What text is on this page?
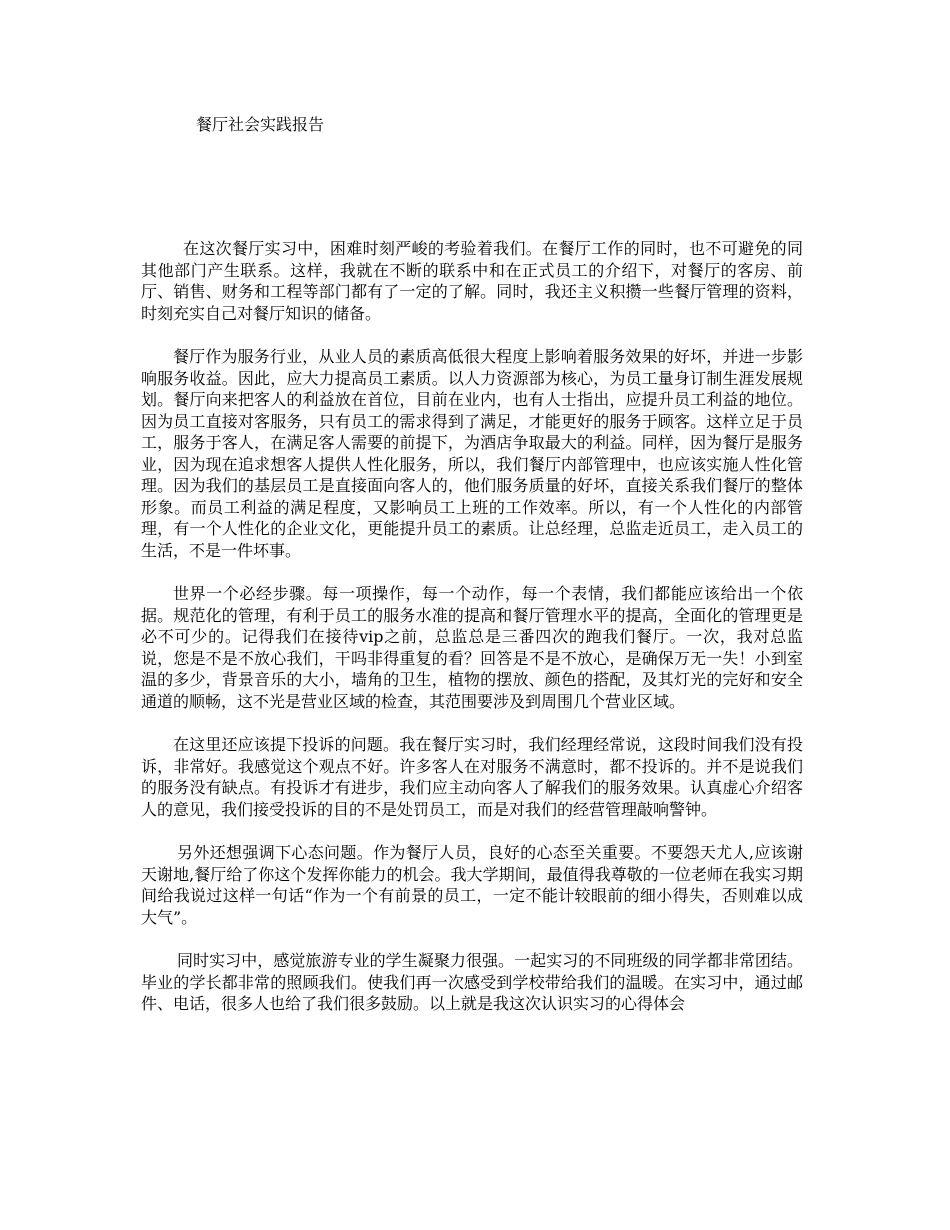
餐厅社会实践报告

在这次餐厅实习中，困难时刻严峻的考验着我们。在餐厅工作的同时，也不可避免的同其他部门产生联系。这样，我就在不断的联系中和在正式员工的介绍下，对餐厅的客房、前厅、销售、财务和工程等部门都有了一定的了解。同时，我还主义积攒一些餐厅管理的资料，时刻充实自己对餐厅知识的储备。

餐厅作为服务行业，从业人员的素质高低很大程度上影响着服务效果的好坏，并进一步影响服务收益。因此，应大力提高员工素质。以人力资源部为核心，为员工量身订制生涯发展规划。餐厅向来把客人的利益放在首位，目前在业内，也有人士指出，应提升员工利益的地位。因为员工直接对客服务，只有员工的需求得到了满足，才能更好的服务于顾客。这样立足于员工，服务于客人，在满足客人需要的前提下，为酒店争取最大的利益。同样，因为餐厅是服务业，因为现在追求想客人提供人性化服务，所以，我们餐厅内部管理中，也应该实施人性化管理。因为我们的基层员工是直接面向客人的，他们服务质量的好坏，直接关系我们餐厅的整体形象。而员工利益的满足程度，又影响员工上班的工作效率。所以，有一个人性化的内部管理，有一个人性化的企业文化，更能提升员工的素质。让总经理，总监走近员工，走入员工的生活，不是一件坏事。

世界一个必经步骤。每一项操作，每一个动作，每一个表情，我们都能应该给出一个依据。规范化的管理，有利于员工的服务水准的提高和餐厅管理水平的提高，全面化的管理更是必不可少的。记得我们在接待vip之前，总监总是三番四次的跑我们餐厅。一次，我对总监说，您是不是不放心我们，干吗非得重复的看？回答是不是不放心，是确保万无一失！小到室温的多少，背景音乐的大小，墙角的卫生，植物的摆放、颜色的搭配，及其灯光的完好和安全通道的顺畅，这不光是营业区域的检查，其范围要涉及到周围几个营业区域。

在这里还应该提下投诉的问题。我在餐厅实习时，我们经理经常说，这段时间我们没有投诉，非常好。我感觉这个观点不好。许多客人在对服务不满意时，都不投诉的。并不是说我们的服务没有缺点。有投诉才有进步，我们应主动向客人了解我们的服务效果。认真虚心介绍客人的意见，我们接受投诉的目的不是处罚员工，而是对我们的经营管理敲响警钟。

另外还想强调下心态问题。作为餐厅人员，良好的心态至关重要。不要怨天尤人,应该谢天谢地,餐厅给了你这个发挥你能力的机会。我大学期间，最值得我尊敬的一位老师在我实习期间给我说过这样一句话“作为一个有前景的员工，一定不能计较眼前的细小得失，否则难以成大气”。

同时实习中，感觉旅游专业的学生凝聚力很强。一起实习的不同班级的同学都非常团结。毕业的学长都非常的照顾我们。使我们再一次感受到学校带给我们的温暖。在实习中，通过邮件、电话，很多人也给了我们很多鼓励。以上就是我这次认识实习的心得体会
